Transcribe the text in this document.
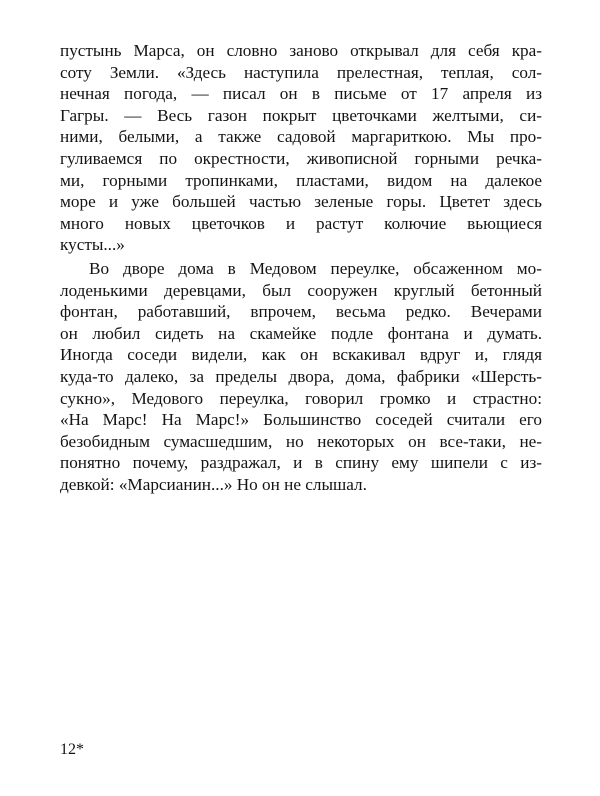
пустынь Марса, он словно заново открывал для себя кра-
соту Земли. «Здесь наступила прелестная, теплая, сол-
нечная погода, — писал он в письме от 17 апреля из
Гагры. — Весь газон покрыт цветочками желтыми, си-
ними, белыми, а также садовой маргариткою. Мы про-
гуливаемся по окрестности, живописной горными речка-
ми, горными тропинками, пластами, видом на далекое
море и уже большей частью зеленые горы. Цветет здесь
много новых цветочков и растут колючие вьющиеся
кусты...»
Во дворе дома в Медовом переулке, обсаженном мо-
лоденькими деревцами, был сооружен круглый бетонный
фонтан, работавший, впрочем, весьма редко. Вечерами
он любил сидеть на скамейке подле фонтана и думать.
Иногда соседи видели, как он вскакивал вдруг и, глядя
куда-то далеко, за пределы двора, дома, фабрики «Шерсть-
сукно», Медового переулка, говорил громко и страстно:
«На Марс! На Марс!» Большинство соседей считали его
безобидным сумасшедшим, но некоторых он все-таки, не-
понятно почему, раздражал, и в спину ему шипели с из-
девкой: «Марсианин...» Но он не слышал.
12*
